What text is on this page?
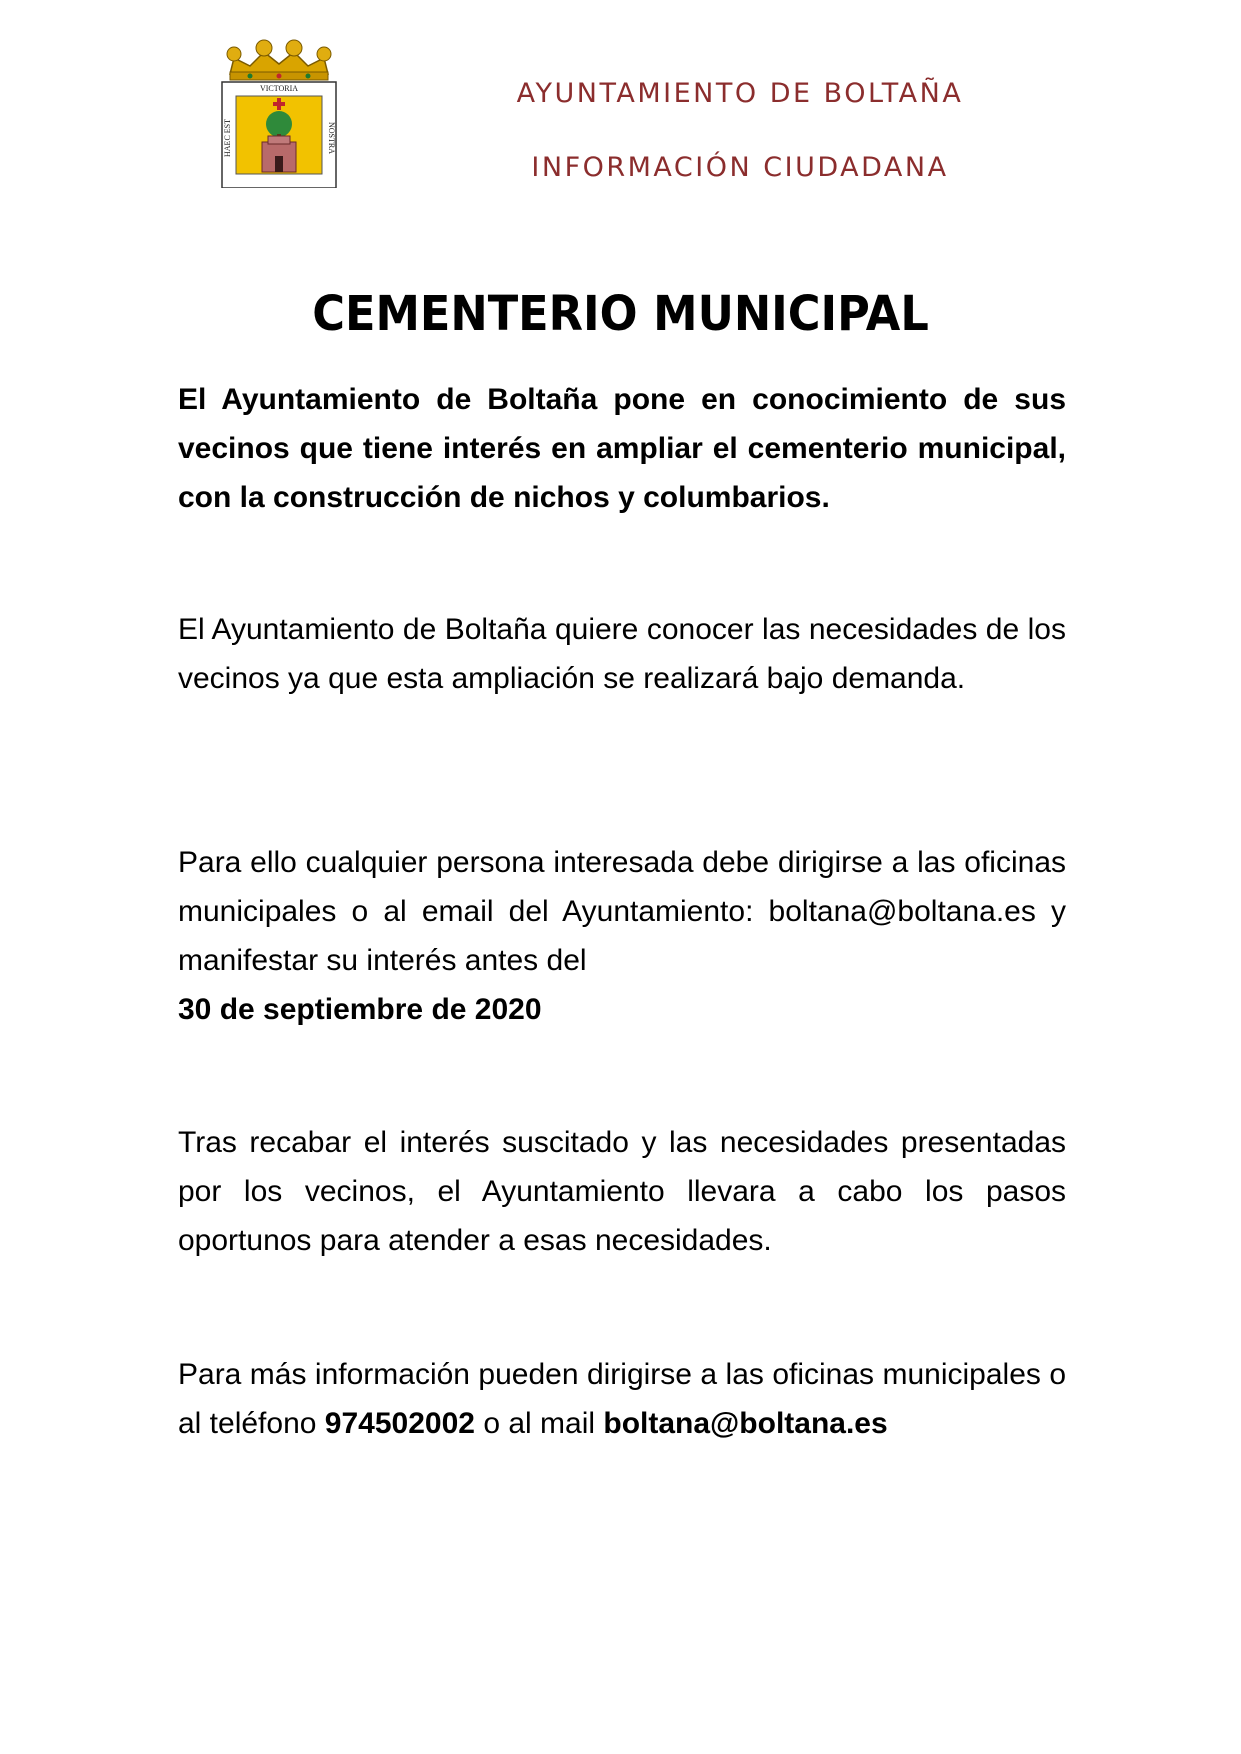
VICTORIA
HAEC EST	NOSTRA
AYUNTAMIENTO DE BOLTAÑA
INFORMACIÓN CIUDADANA
CEMENTERIO MUNICIPAL
El Ayuntamiento de Boltaña pone en conocimiento de sus vecinos que tiene interés en ampliar el cementerio municipal, con la construcción de nichos y columbarios.
El Ayuntamiento de Boltaña quiere conocer las necesidades de los vecinos ya que esta ampliación se realizará bajo demanda.
Para ello cualquier persona interesada debe dirigirse a las oficinas municipales o al email del Ayuntamiento: boltana@boltana.es y manifestar su interés antes del
30 de septiembre de 2020
Tras recabar el interés suscitado y las necesidades presentadas por los vecinos, el Ayuntamiento llevara a cabo los pasos oportunos para atender a esas necesidades.
Para más información pueden dirigirse a las oficinas municipales o al teléfono 974502002 o al mail boltana@boltana.es
